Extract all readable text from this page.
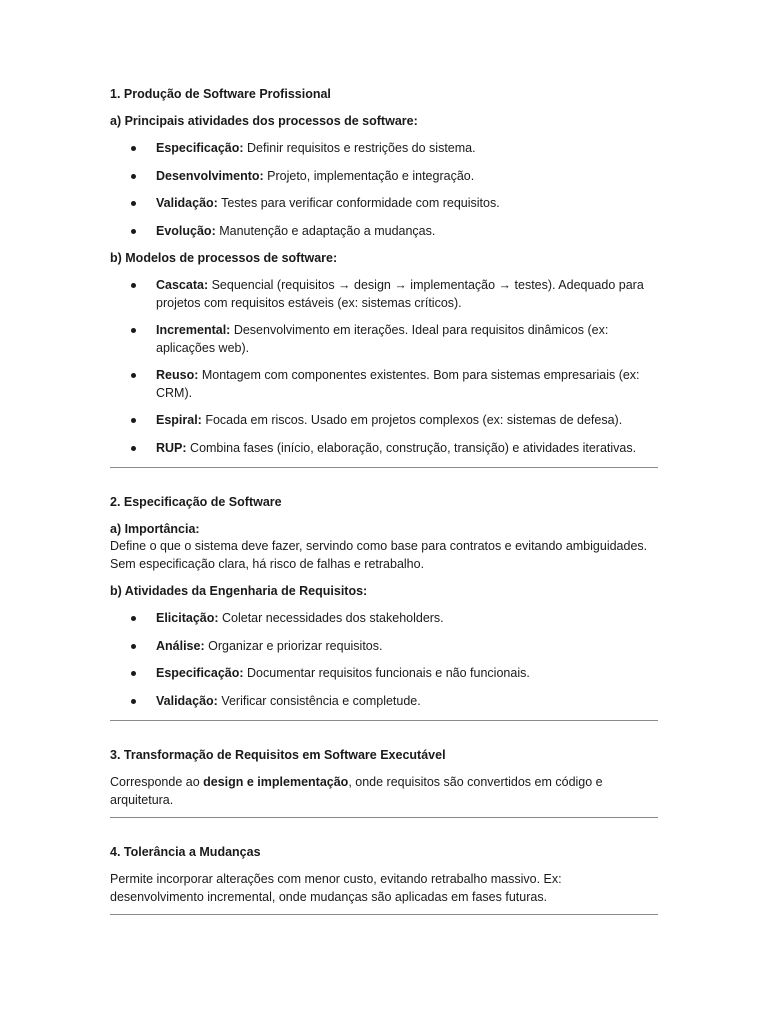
1. Produção de Software Profissional
a) Principais atividades dos processos de software:
Especificação: Definir requisitos e restrições do sistema.
Desenvolvimento: Projeto, implementação e integração.
Validação: Testes para verificar conformidade com requisitos.
Evolução: Manutenção e adaptação a mudanças.
b) Modelos de processos de software:
Cascata: Sequencial (requisitos → design → implementação → testes). Adequado para projetos com requisitos estáveis (ex: sistemas críticos).
Incremental: Desenvolvimento em iterações. Ideal para requisitos dinâmicos (ex: aplicações web).
Reuso: Montagem com componentes existentes. Bom para sistemas empresariais (ex: CRM).
Espiral: Focada em riscos. Usado em projetos complexos (ex: sistemas de defesa).
RUP: Combina fases (início, elaboração, construção, transição) e atividades iterativas.
2. Especificação de Software
a) Importância:
Define o que o sistema deve fazer, servindo como base para contratos e evitando ambiguidades. Sem especificação clara, há risco de falhas e retrabalho.
b) Atividades da Engenharia de Requisitos:
Elicitação: Coletar necessidades dos stakeholders.
Análise: Organizar e priorizar requisitos.
Especificação: Documentar requisitos funcionais e não funcionais.
Validação: Verificar consistência e completude.
3. Transformação de Requisitos em Software Executável
Corresponde ao design e implementação, onde requisitos são convertidos em código e arquitetura.
4. Tolerância a Mudanças
Permite incorporar alterações com menor custo, evitando retrabalho massivo. Ex: desenvolvimento incremental, onde mudanças são aplicadas em fases futuras.
